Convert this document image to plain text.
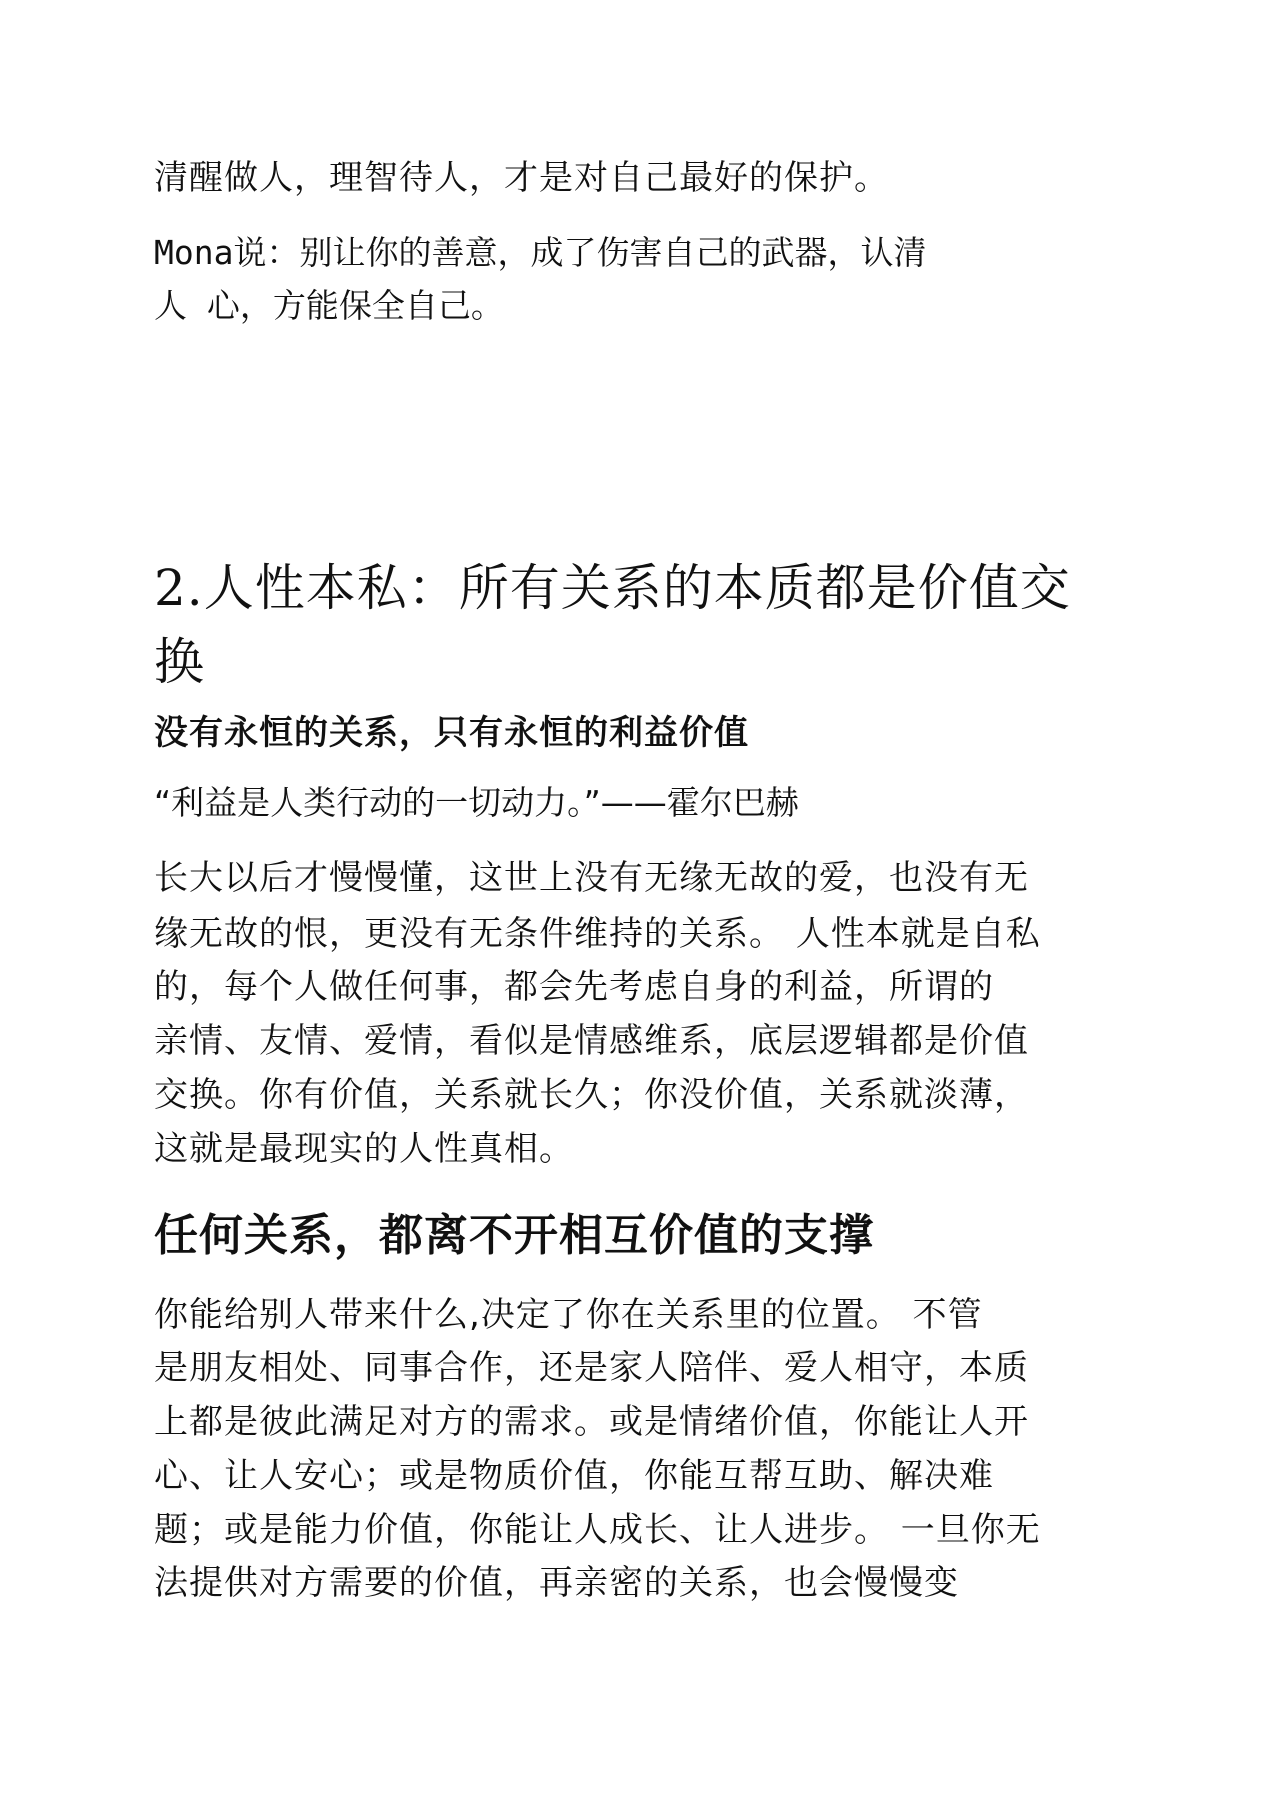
清醒做人，理智待人，才是对自己最好的保护。

Mona说：别让你的善意，成了伤害自己的武器，认清

人 心，方能保全自己。

2.人性本私：所有关系的本质都是价值交
换
没有永恒的关系，只有永恒的利益价值

“利益是人类行动的一切动力。”——霍尔巴赫

长大以后才慢慢懂，这世上没有无缘无故的爱，也没有无

缘无故的恨，更没有无条件维持的关系。 人性本就是自私

的，每个人做任何事，都会先考虑自身的利益，所谓的

亲情、友情、爱情，看似是情感维系，底层逻辑都是价值

交换。你有价值，关系就长久；你没价值，关系就淡薄，

这就是最现实的人性真相。

任何关系，都离不开相互价值的支撑

你能给别人带来什么,决定了你在关系里的位置。 不管

是朋友相处、同事合作，还是家人陪伴、爱人相守，本质

上都是彼此满足对方的需求。或是情绪价值，你能让人开

心、让人安心；或是物质价值，你能互帮互助、解决难

题；或是能力价值，你能让人成长、让人进步。 一旦你无

法提供对方需要的价值，再亲密的关系，也会慢慢变
